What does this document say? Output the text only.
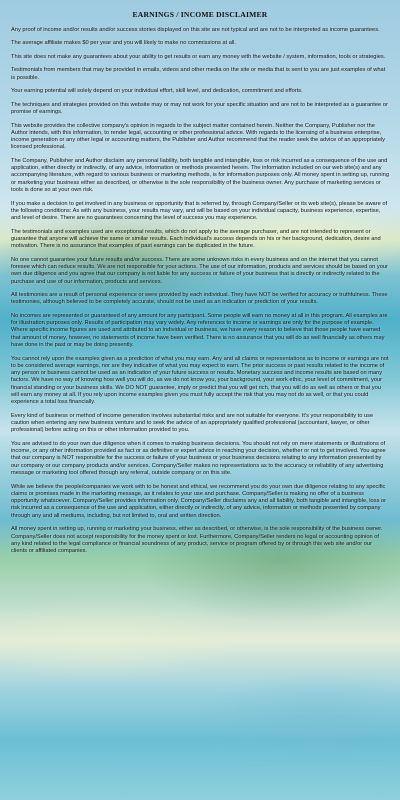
EARNINGS / INCOME DISCLAIMER

Any proof of income and/or results and/or success stories displayed on this site are not typical and are not to be interpreted as income guarantees.

The average affiliate makes $0 per year and you will likely to make no commissions at all.

This site does not make any guarantees about your ability to get results or earn any money with the website / system, information, tools or strategies.

Testimonials from members that may be provided in emails, videos and other media on the site or media that is sent to you are just examples of what is possible.

Your earning potential will solely depend on your individual effort, skill level, and dedication, commitment and efforts.

The techniques and strategies provided on this website may or may not work for your specific situation and are not to be interpreted as a guarantee or promise of earnings.

This website provides the collective company's opinion in regards to the subject matter contained herein. Neither the Company, Publisher nor the Author intends, with this information, to render legal, accounting or other professional advice. With regards to the licensing of a business enterprise, income generation or any other legal or accounting matters, the Publisher and Author recommend that the reader seek the advice of an appropriately licensed professional.

The Company, Publisher and Author disclaim any personal liability, both tangible and intangible, loss or risk incurred as a consequence of the use and application, either directly or indirectly, of any advice, information or methods presented herein. The information included on our web site(s) and any accompanying literature, with regard to various business or marketing methods, is for information purposes only. All money spent in setting up, running or marketing your business either as described, or otherwise is the sole responsibility of the business owner. Any purchase of marketing services or tools is done so at your own risk.

If you make a decision to get involved in any business or opportunity that is referred by, through Company/Seller or its web site(s), please be aware of the following conditions: As with any business, your results may vary, and will be based on your individual capacity, business experience, expertise, and level of desire. There are no guarantees concerning the level of success you may experience.

The testimonials and examples used are exceptional results, which do not apply to the average purchaser, and are not intended to represent or guarantee that anyone will achieve the same or similar results. Each individual's success depends on his or her background, dedication, desire and motivation. There is no assurance that examples of past earnings can be duplicated in the future.

No one cannot guarantee your future results and/or success. There are some unknown risks in every business and on the internet that you cannot foresee which can reduce results. We are not responsible for your actions. The use of our information, products and services should be based on your own due diligence and you agree that our company is not liable for any success or failure of your business that is directly or indirectly related to the purchase and use of our information, products and services.

All testimonies are a result of personal experience or were provided by each individual. They have NOT be verified for accuracy or truthfulness. These testimonies, although believed to be completely accurate, should not be used as an indication or prediction of your results.

No incomes are represented or guaranteed of any amount for any participant. Some people will earn no money at all in this program. All examples are for illustration purposes only. Results of participation may vary widely. Any references to income or earnings are only for the purpose of example. Where specific income figures are used and attributed to an individual or business, we have every reason to believe that those people have earned that amount of money, however, no statements of income have been verified. There is no assurance that you will do as well financially as others may have done in the past or may be doing presently.

You cannot rely upon the examples given as a prediction of what you may earn. Any and all claims or representations as to income or earnings are not to be considered average earnings, nor are they indicative of what you may expect to earn. The prior success or past results related to the income of any person or business cannot be used as an indication of your future success or results. Monetary success and income results are based on many factors. We have no way of knowing how well you will do, as we do not know you, your background, your work ethic, your level of commitment, your financial standing or your business skills. We DO NOT guarantee, imply or predict that you will get rich, that you will do as well as others or that you will earn any money at all. If you rely upon income examples given you must fully accept the risk that you may not do as well, or that you could experience a total loss financially.

Every kind of business or method of income generation involves substantial risks and are not suitable for everyone. It's your responsibility to use caution when entering any new business venture and to seek the advice of an appropriately qualified professional (accountant, lawyer, or other professional) before acting on this or other information provided to you.

You are advised to do your own due diligence when it comes to making business decisions. You should not rely on mere statements or illustrations of income, or any other information provided as fact or as definitive or expert advice in reaching your decision, whether or not to get involved. You agree that our company is NOT responsible for the success or failure of your business or your business decisions relating to any information presented by our company or our company products and/or services. Company/Seller makes no representations as to the accuracy or reliability of any advertising message or marketing tool offered through any referral, outside company or on this site.

While we believe the people/companies we work with to be honest and ethical, we recommend you do your own due diligence relating to any specific claims or promises made in the marketing message, as it relates to your use and purchase. Company/Seller is making no offer of a business opportunity whatsoever. Company/Seller provides information only. Company/Seller disclaims any and all liability, both tangible and intangible, loss or risk incurred as a consequence of the use and application, either directly or indirectly, of any advice, information or methods presented by company through any and all mediums, including, but not limited to, oral and written direction.

All money spent in setting up, running or marketing your business, either as described, or otherwise, is the sole responsibility of the business owner. Company/Seller does not accept responsibility for the money spent or lost. Furthermore, Company/Seller renders no legal or accounting opinion of any kind related to the legal compliance or financial soundness of any product, service or program offered by or through this web site and/or our clients or affiliated companies.
